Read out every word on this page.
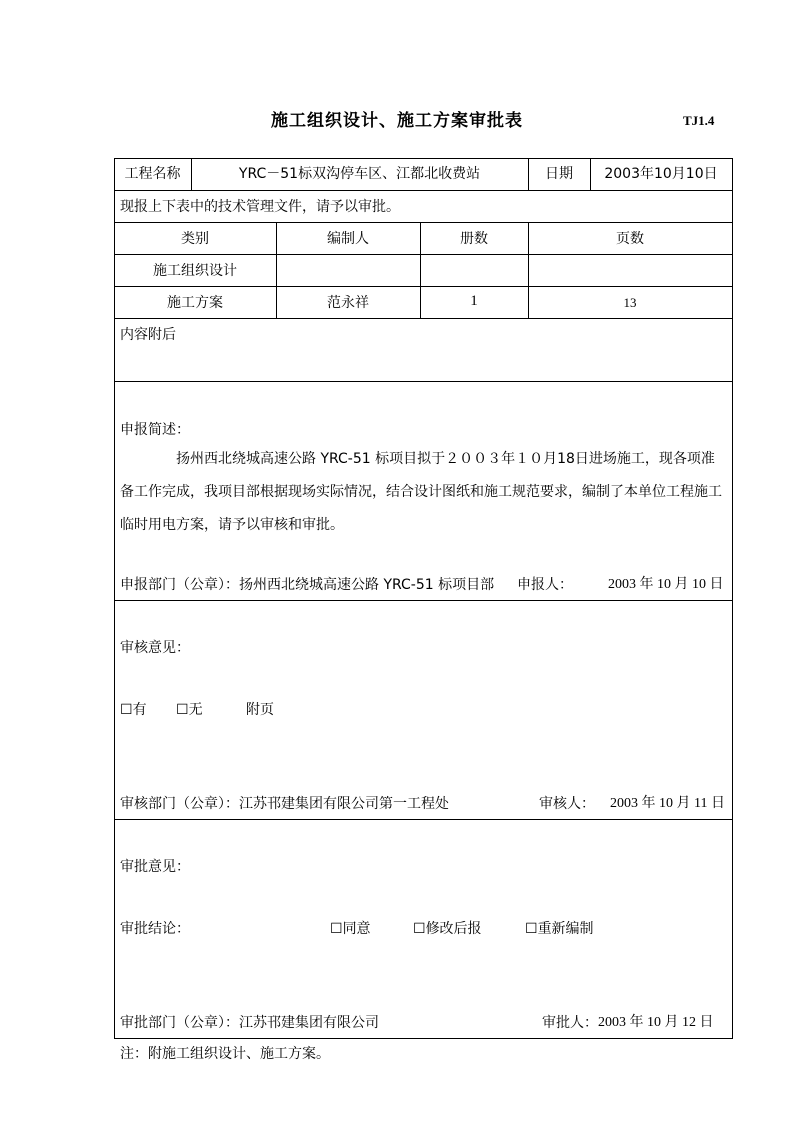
施工组织设计、施工方案审批表	TJ1.4
工程名称	YRC－51标双沟停车区、江都北收费站	日期	2003年10月10日
现报上下表中的技术管理文件，请予以审批。
类别	编制人	册数	页数
施工组织设计
施工方案	范永祥	1	13
内容附后
申报简述：
扬州西北绕城高速公路 YRC-51 标项目拟于２００３年１０月18日进场施工，现各项准备工作完成，我项目部根据现场实际情况，结合设计图纸和施工规范要求，编制了本单位工程施工临时用电方案，请予以审核和审批。
申报部门（公章）：扬州西北绕城高速公路 YRC-51 标项目部 申报人：	2003 年 10 月 10 日
审核意见：
☐有 ☐无	附页
审核部门（公章）：江苏邗建集团有限公司第一工程处	审核人： 2003 年 10 月 11 日
审批意见：
审批结论：	☐同意	☐修改后报	☐重新编制
审批部门（公章）：江苏邗建集团有限公司	审批人： 2003 年 10 月 12 日
注：附施工组织设计、施工方案。
